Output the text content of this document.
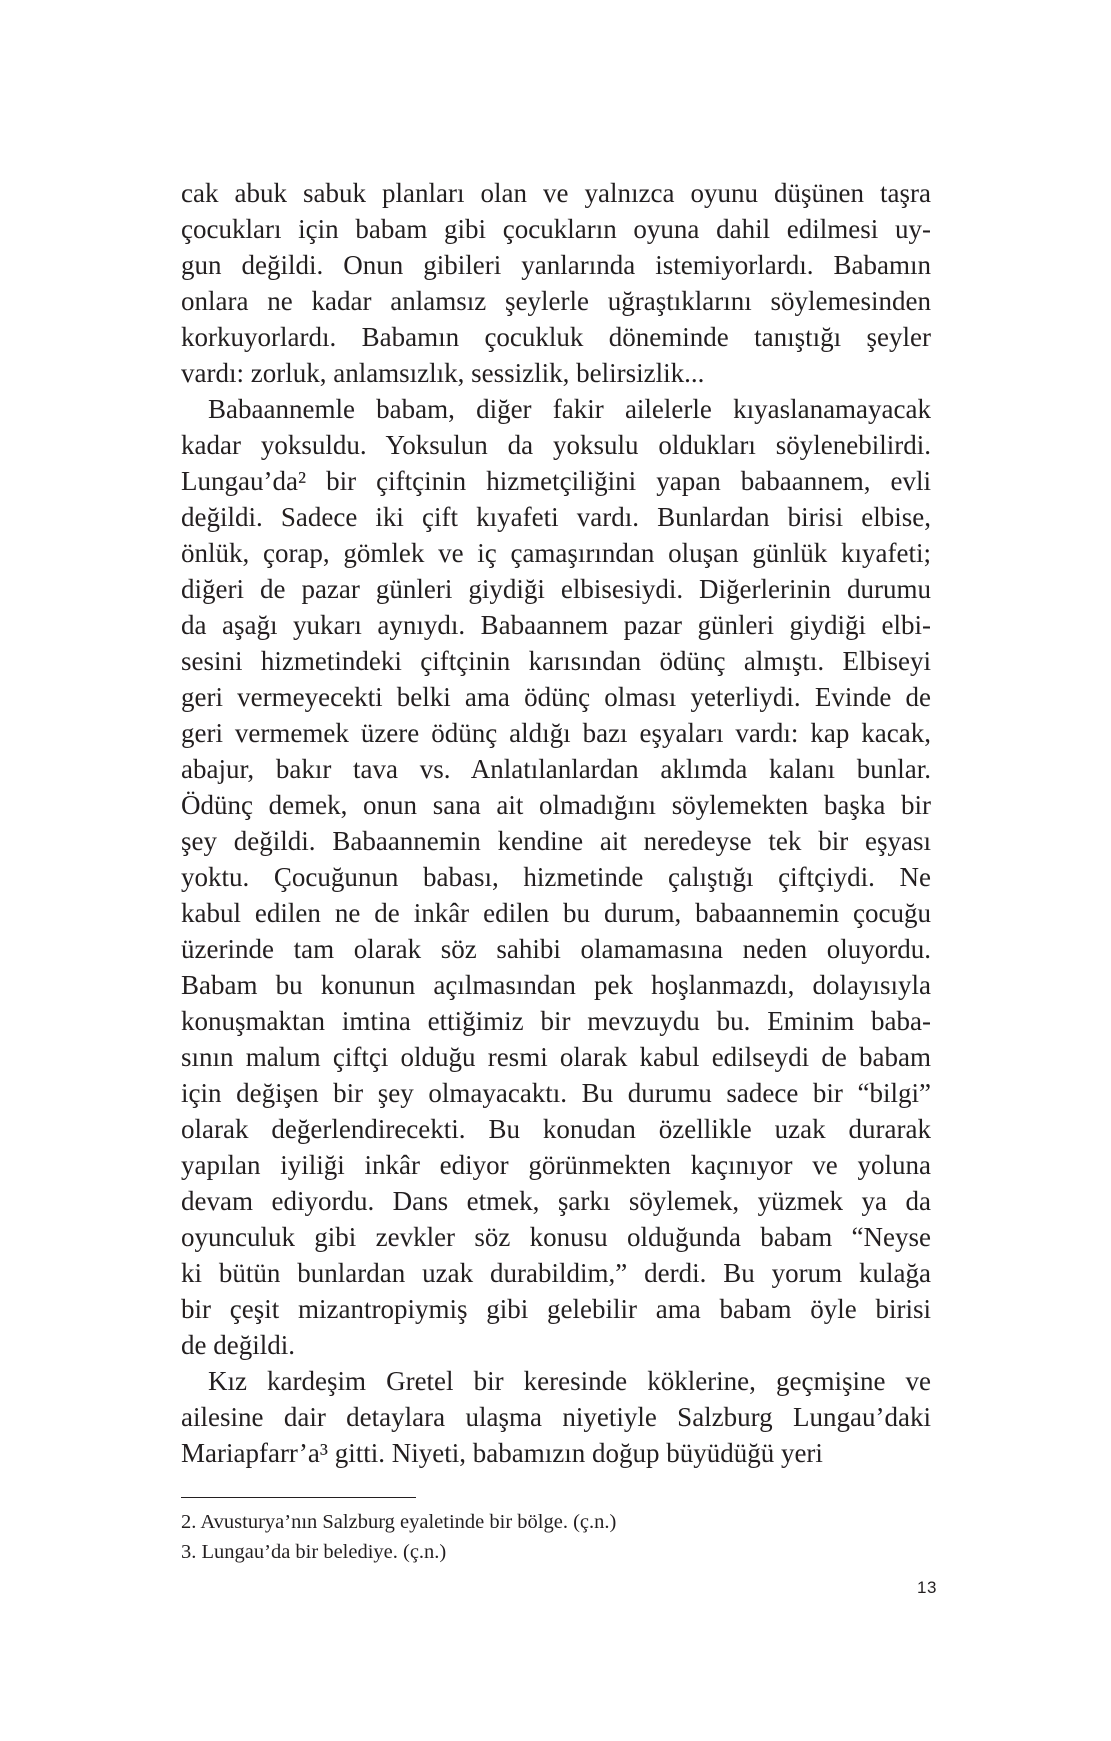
cak abuk sabuk planları olan ve yalnızca oyunu düşünen taşra
çocukları için babam gibi çocukların oyuna dahil edilmesi uy-
gun değildi. Onun gibileri yanlarında istemiyorlardı. Babamın
onlara ne kadar anlamsız şeylerle uğraştıklarını söylemesinden
korkuyorlardı. Babamın çocukluk döneminde tanıştığı şeyler
vardı: zorluk, anlamsızlık, sessizlik, belirsizlik...
Babaannemle babam, diğer fakir ailelerle kıyaslanamayacak
kadar yoksuldu. Yoksulun da yoksulu oldukları söylenebilirdi.
Lungau’da² bir çiftçinin hizmetçiliğini yapan babaannem, evli
değildi. Sadece iki çift kıyafeti vardı. Bunlardan birisi elbise,
önlük, çorap, gömlek ve iç çamaşırından oluşan günlük kıyafeti;
diğeri de pazar günleri giydiği elbisesiydi. Diğerlerinin durumu
da aşağı yukarı aynıydı. Babaannem pazar günleri giydiği elbi-
sesini hizmetindeki çiftçinin karısından ödünç almıştı. Elbiseyi
geri vermeyecekti belki ama ödünç olması yeterliydi. Evinde de
geri vermemek üzere ödünç aldığı bazı eşyaları vardı: kap kacak,
abajur, bakır tava vs. Anlatılanlardan aklımda kalanı bunlar.
Ödünç demek, onun sana ait olmadığını söylemekten başka bir
şey değildi. Babaannemin kendine ait neredeyse tek bir eşyası
yoktu. Çocuğunun babası, hizmetinde çalıştığı çiftçiydi. Ne
kabul edilen ne de inkâr edilen bu durum, babaannemin çocuğu
üzerinde tam olarak söz sahibi olamamasına neden oluyordu.
Babam bu konunun açılmasından pek hoşlanmazdı, dolayısıyla
konuşmaktan imtina ettiğimiz bir mevzuydu bu. Eminim baba-
sının malum çiftçi olduğu resmi olarak kabul edilseydi de babam
için değişen bir şey olmayacaktı. Bu durumu sadece bir “bilgi”
olarak değerlendirecekti. Bu konudan özellikle uzak durarak
yapılan iyiliği inkâr ediyor görünmekten kaçınıyor ve yoluna
devam ediyordu. Dans etmek, şarkı söylemek, yüzmek ya da
oyunculuk gibi zevkler söz konusu olduğunda babam “Neyse
ki bütün bunlardan uzak durabildim,” derdi. Bu yorum kulağa
bir çeşit mizantropiymiş gibi gelebilir ama babam öyle birisi
de değildi.
Kız kardeşim Gretel bir keresinde köklerine, geçmişine ve
ailesine dair detaylara ulaşma niyetiyle Salzburg Lungau’daki
Mariapfarr’a³ gitti. Niyeti, babamızın doğup büyüdüğü yeri
2. Avusturya’nın Salzburg eyaletinde bir bölge. (ç.n.)
3. Lungau’da bir belediye. (ç.n.)
13
